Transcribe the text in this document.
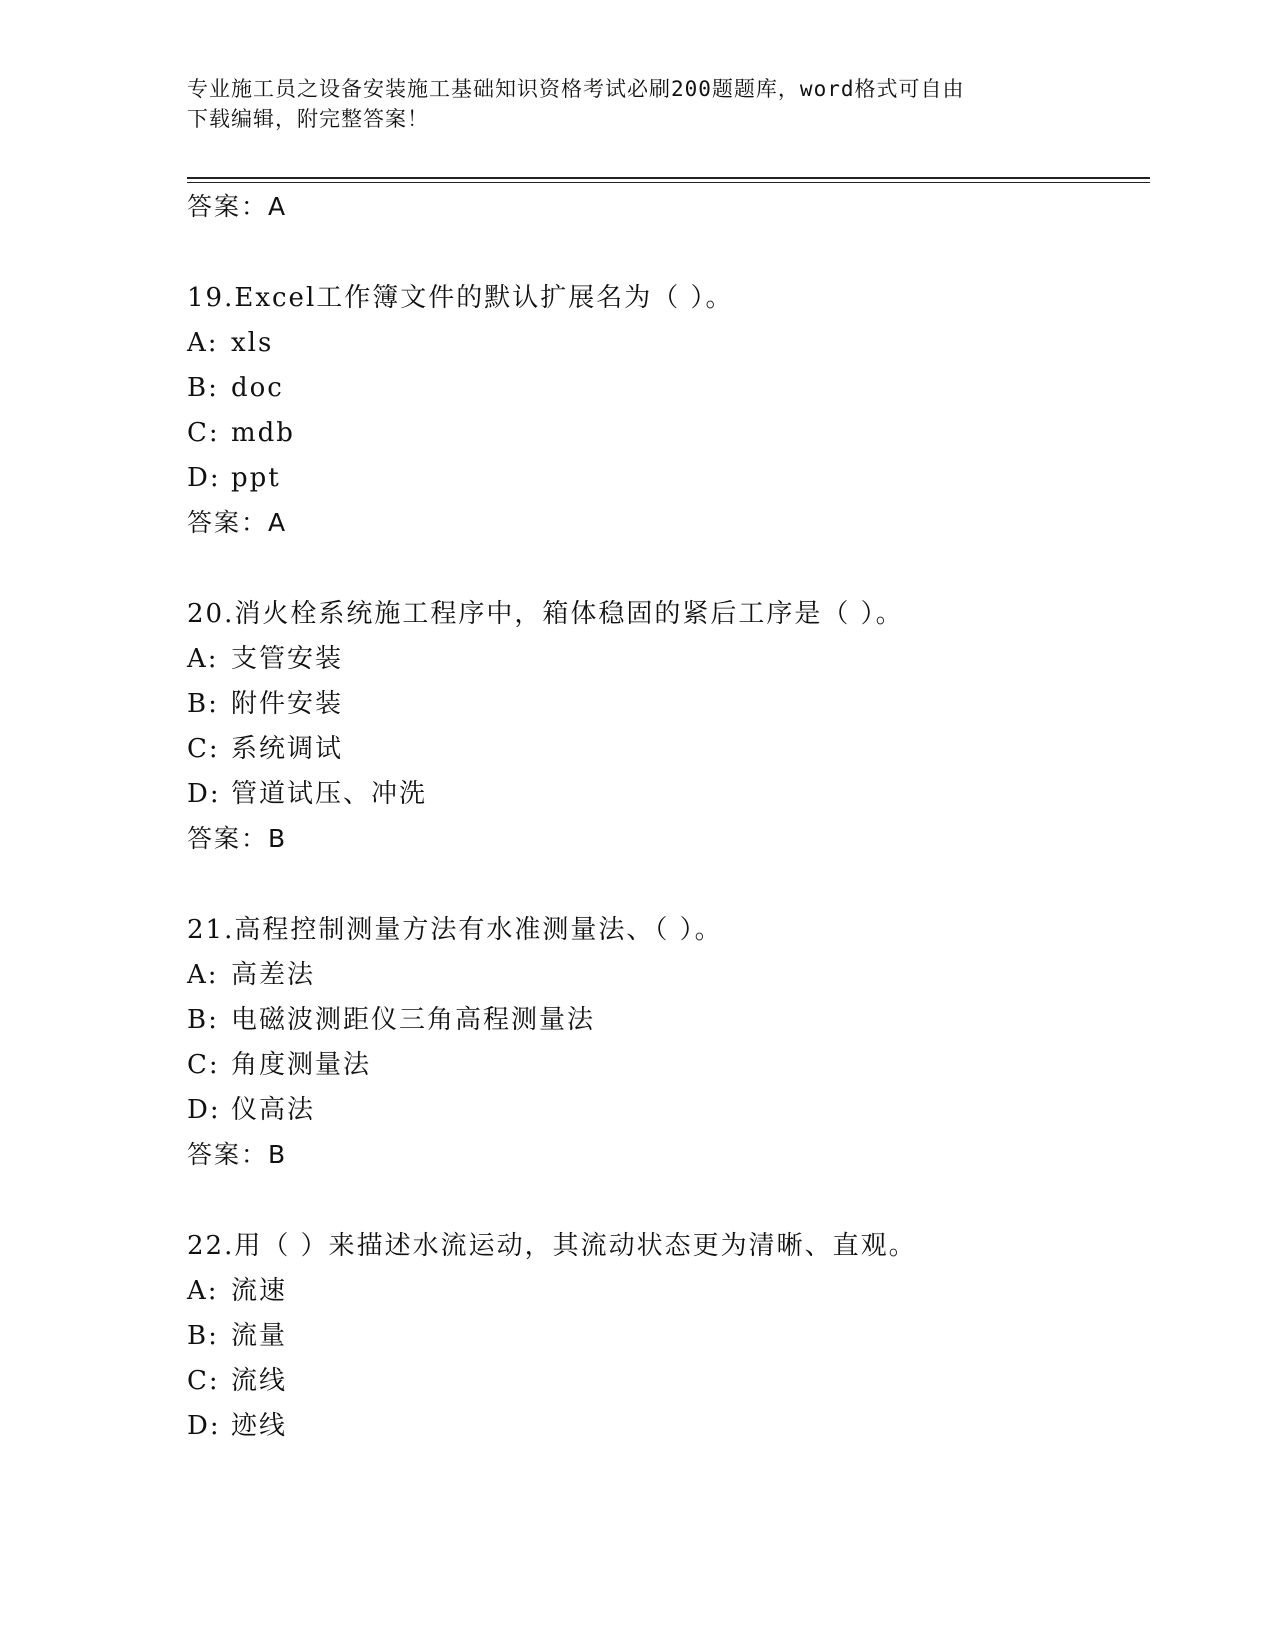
专业施工员之设备安装施工基础知识资格考试必刷200题题库，word格式可自由
下载编辑，附完整答案！
答案：A
19.Excel工作簿文件的默认扩展名为（ ）。
A: xls
B: doc
C: mdb
D: ppt
答案：A
20.消火栓系统施工程序中，箱体稳固的紧后工序是（ ）。
A: 支管安装
B: 附件安装
C: 系统调试
D: 管道试压、冲洗
答案：B
21.高程控制测量方法有水准测量法、（ ）。
A: 高差法
B: 电磁波测距仪三角高程测量法
C: 角度测量法
D: 仪高法
答案：B
22.用（ ）来描述水流运动，其流动状态更为清晰、直观。
A: 流速
B: 流量
C: 流线
D: 迹线
